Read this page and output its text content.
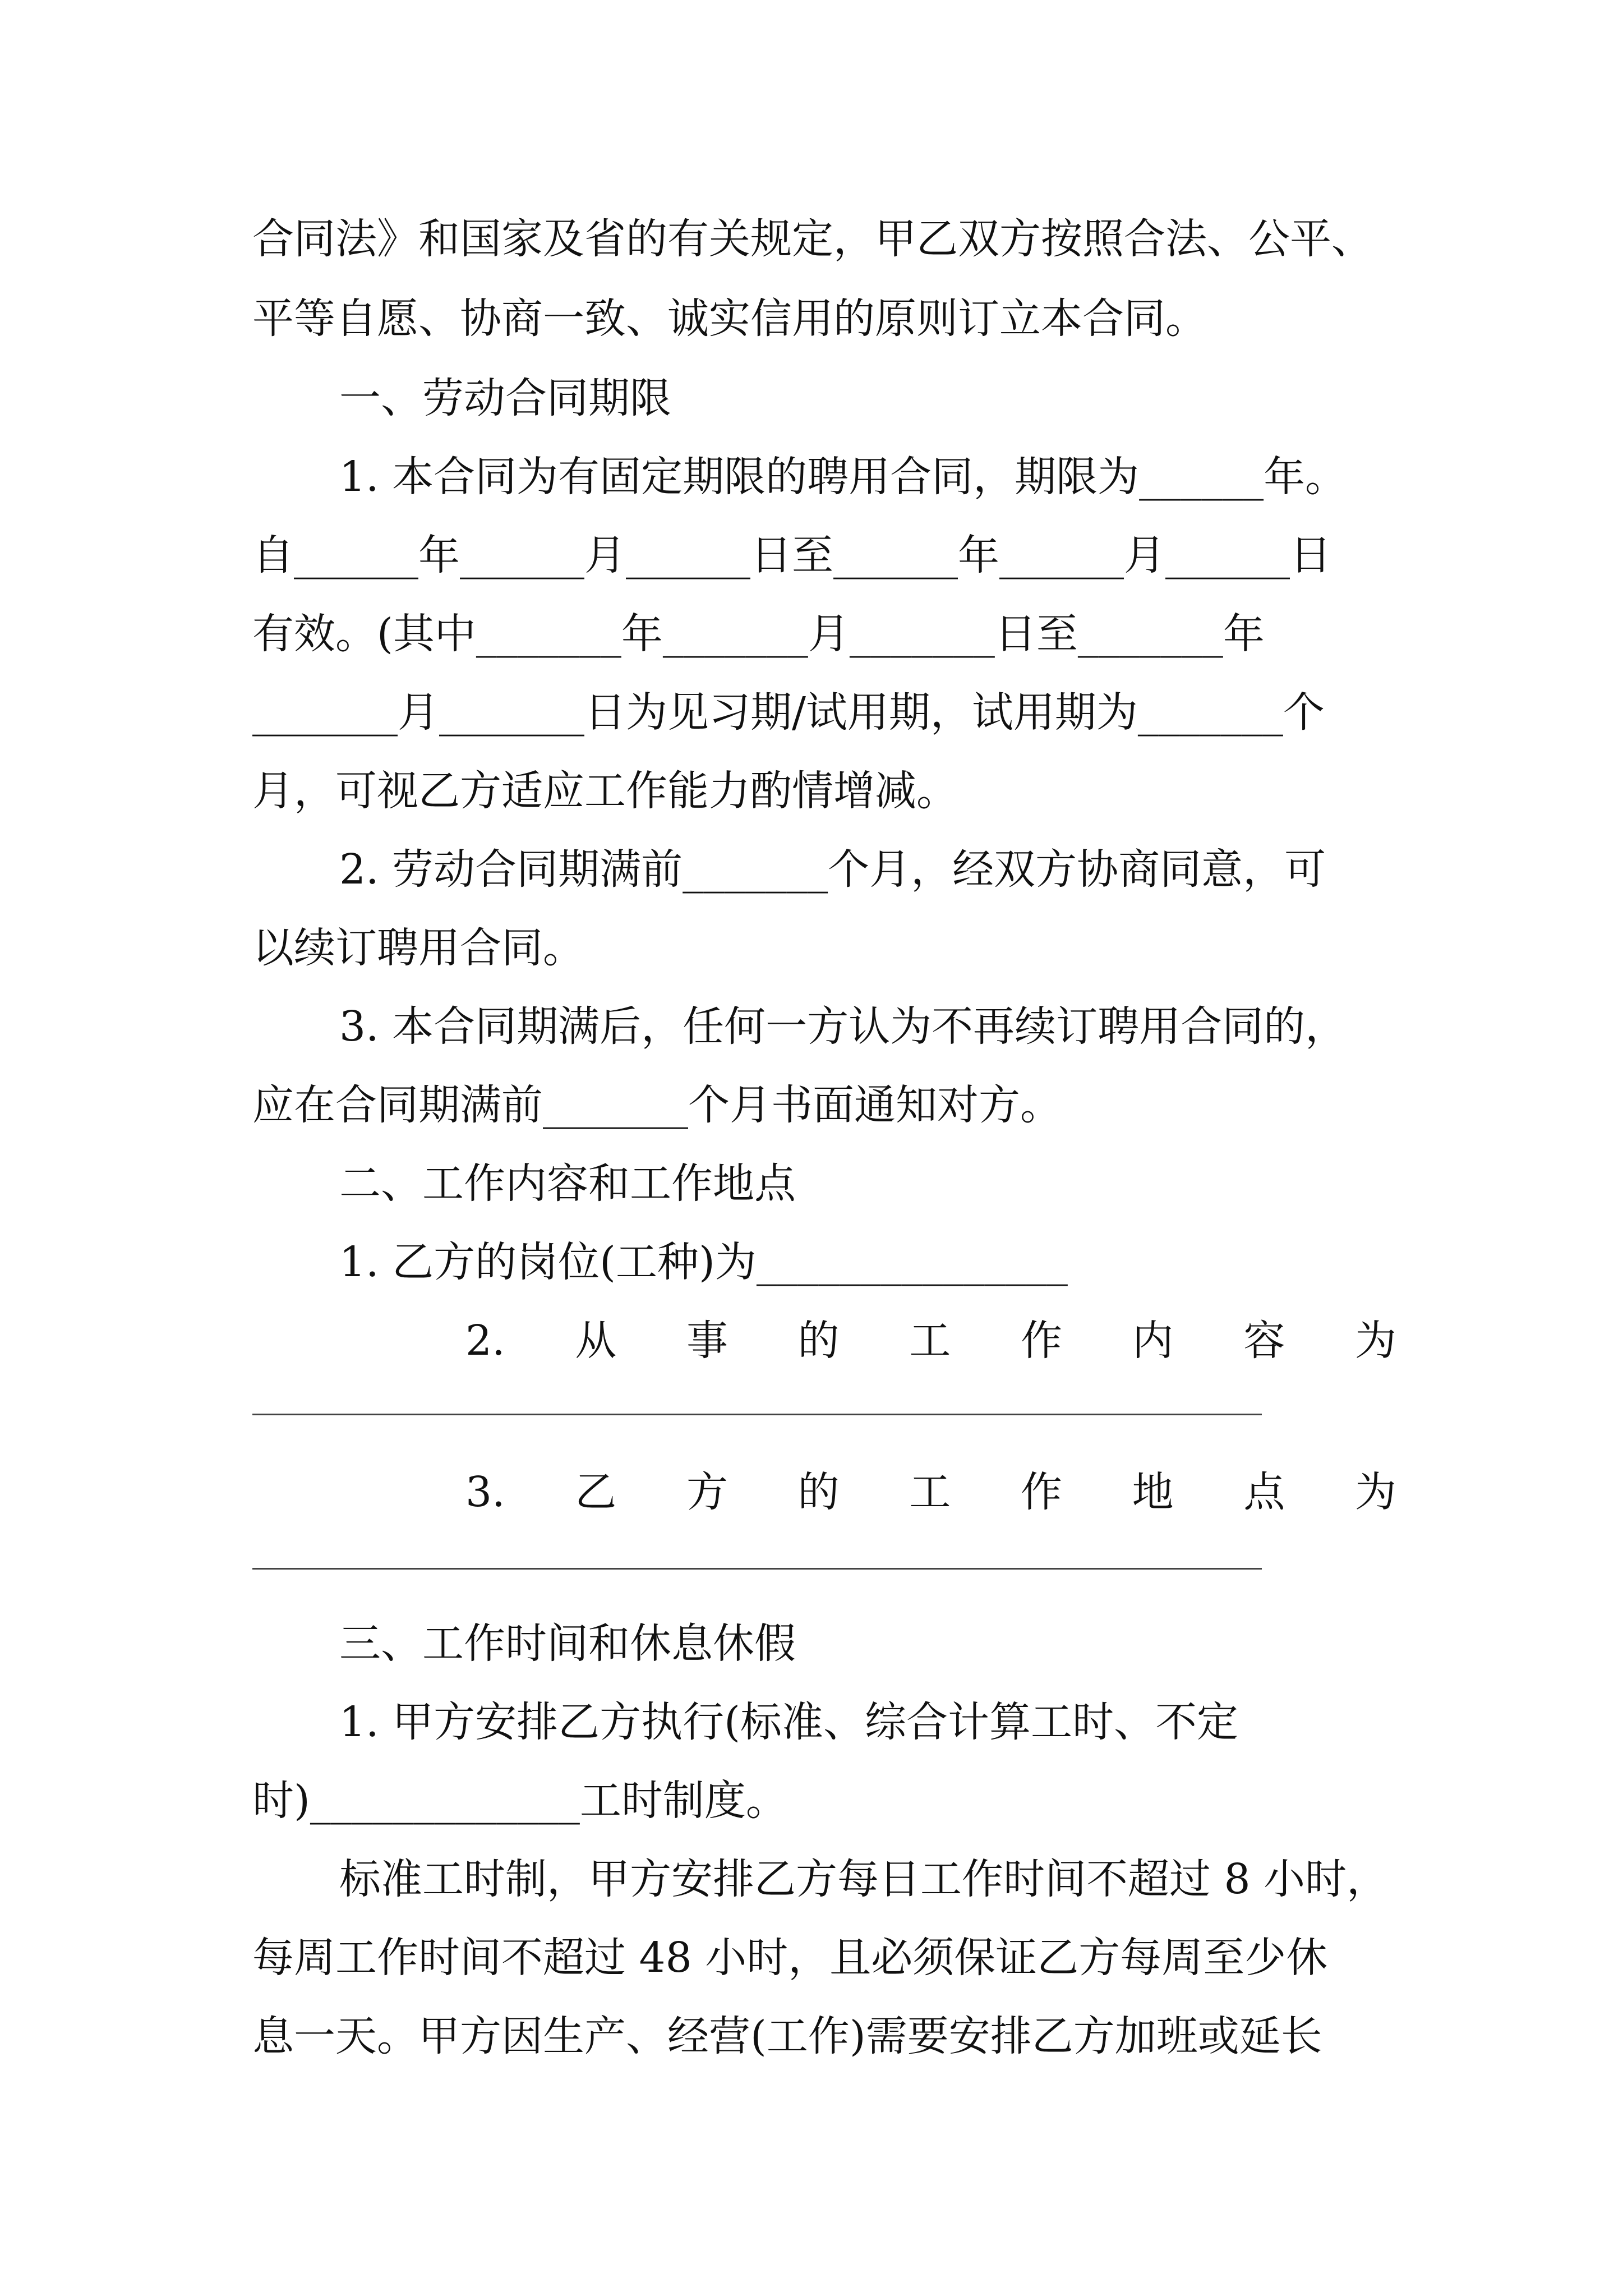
合同法》和国家及省的有关规定，甲乙双方按照合法、公平、

平等自愿、协商一致、诚实信用的原则订立本合同。

一、劳动合同期限

1. 本合同为有固定期限的聘用合同，期限为______年。

自______年______月______日至______年______月______日

有效。(其中_______年_______月_______日至_______年

_______月_______日为见习期/试用期，试用期为_______个

月，可视乙方适应工作能力酌情增减。

2. 劳动合同期满前_______个月，经双方协商同意，可

以续订聘用合同。

3. 本合同期满后，任何一方认为不再续订聘用合同的，

应在合同期满前_______个月书面通知对方。

二、工作内容和工作地点

1. 乙方的岗位(工种)为_______________

2. 从 事 的 工 作 内 容 为
3. 乙 方 的 工 作 地 点 为

三、工作时间和休息休假

1. 甲方安排乙方执行(标准、综合计算工时、不定

时)_____________工时制度。

标准工时制，甲方安排乙方每日工作时间不超过 8 小时，

每周工作时间不超过 48 小时，且必须保证乙方每周至少休

息一天。甲方因生产、经营(工作)需要安排乙方加班或延长
